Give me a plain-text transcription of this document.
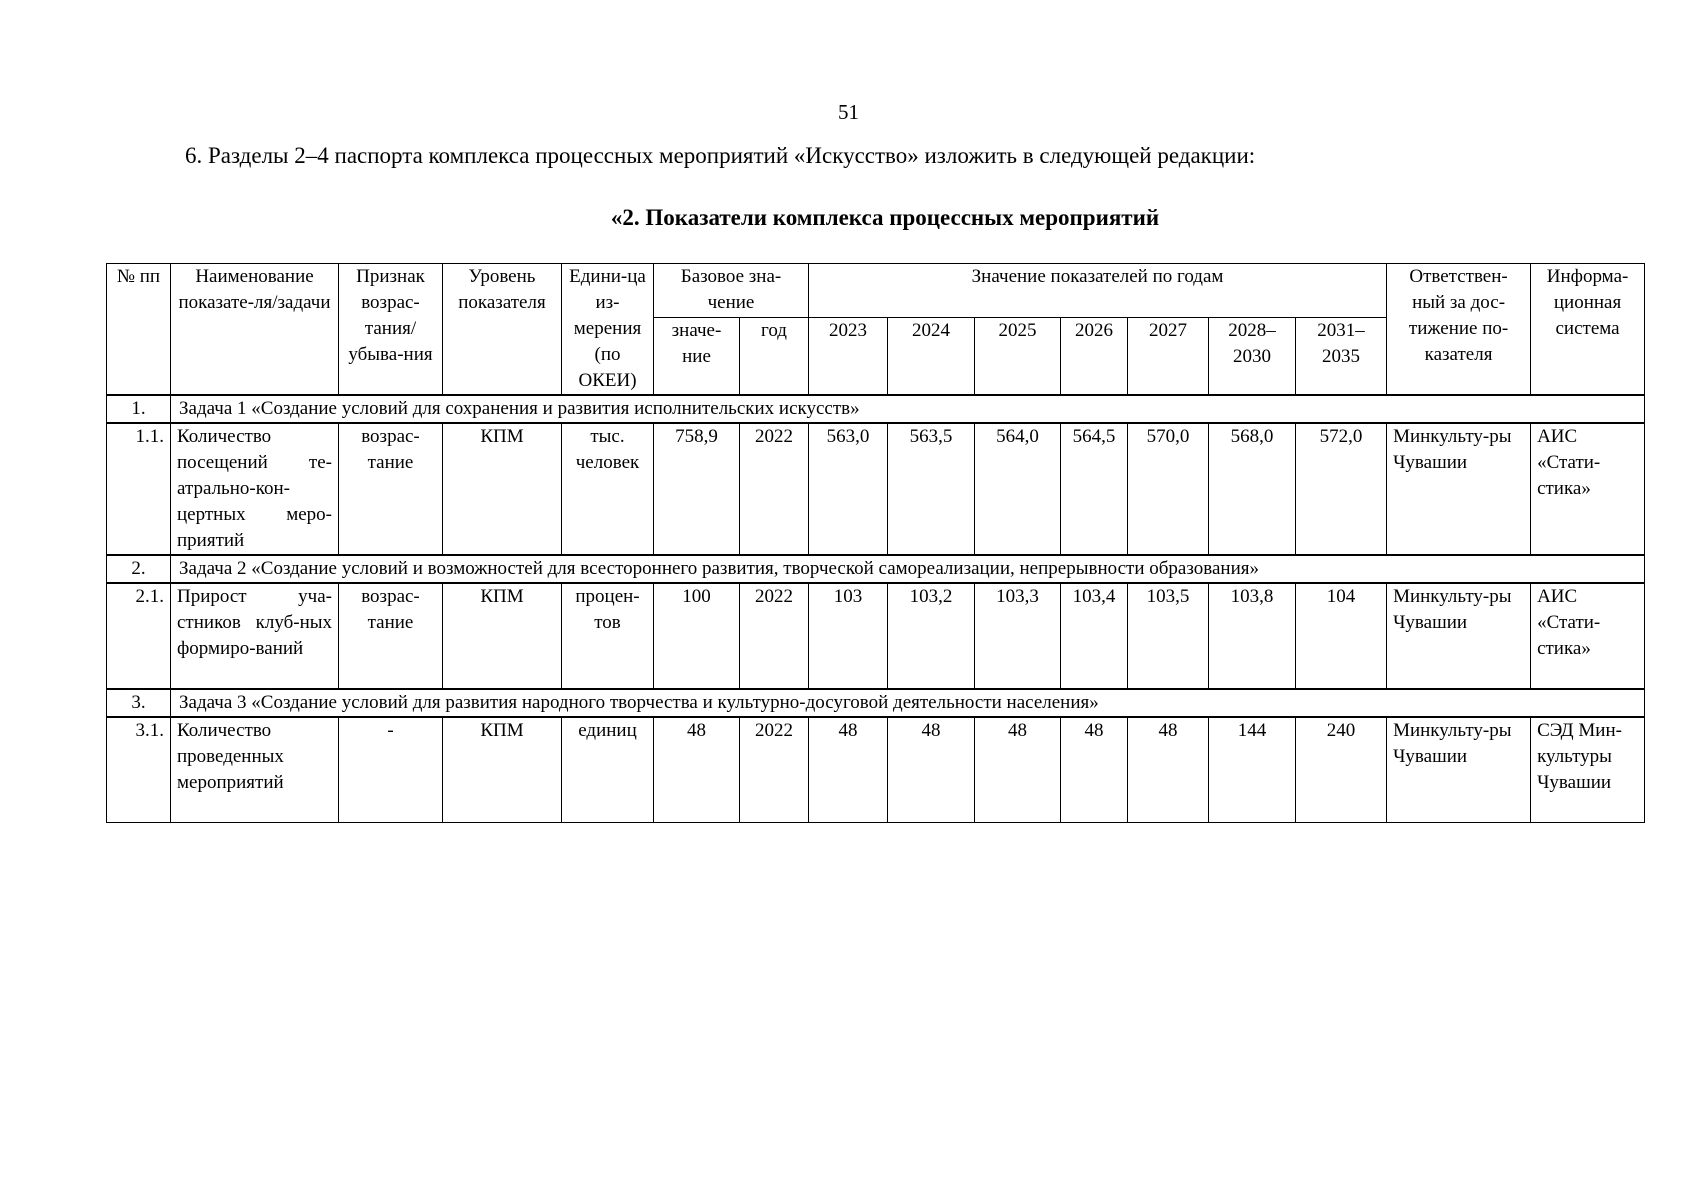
51
6. Разделы 2–4 паспорта комплекса процессных мероприятий «Искусство» изложить в следующей редакции:
«2. Показатели комплекса процессных мероприятий
№ пп	Наименование показате-ля/задачи	Признак возрас-тания/ убыва-ния	Уровень показателя	Едини-ца из-мерения (по ОКЕИ)	Базовое зна-чение		Значение показателей по годам							Ответствен-ный за дос-тижение по-казателя	Информа-ционная система
					значе-ние	год	2023	2024	2025	2026	2027	2028– 2030	2031– 2035		
1.	Задача 1 «Создание условий для сохранения и развития исполнительских искусств»														
1.1.	Количество посещений те-атрально-кон-цертных меро-приятий	возрас-тание	КПМ	тыс. человек	758,9	2022	563,0	563,5	564,0	564,5	570,0	568,0	572,0	Минкульту-ры Чувашии	АИС «Стати-стика»
2.	Задача 2 «Создание условий и возможностей для всестороннего развития, творческой самореализации, непрерывности образования»														
2.1.	Прирост уча-стников клуб-ных формиро-ваний	возрас-тание	КПМ	процен-тов	100	2022	103	103,2	103,3	103,4	103,5	103,8	104	Минкульту-ры Чувашии	АИС «Стати-стика»
3.	Задача 3 «Создание условий для развития народного творчества и культурно-досуговой деятельности населения»														
3.1.	Количество проведенных мероприятий	-	КПМ	единиц	48	2022	48	48	48	48	48	144	240	Минкульту-ры Чувашии	СЭД Мин-культуры Чувашии
